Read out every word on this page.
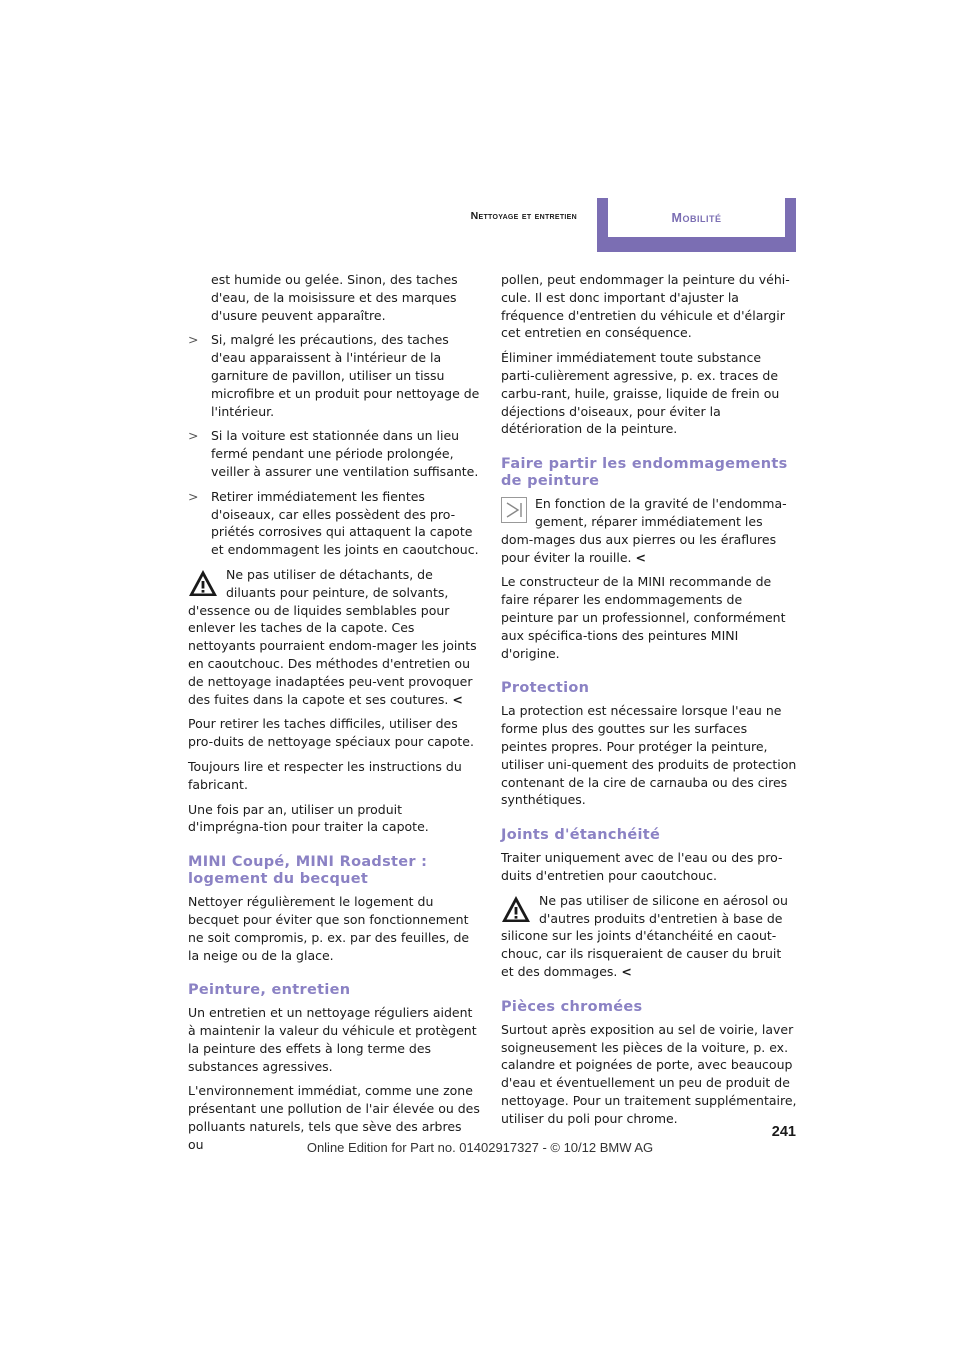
Nettoyage et entretien	Mobilité

est humide ou gelée. Sinon, des taches d'eau, de la moisissure et des marques d'usure peuvent apparaître.

> Si, malgré les précautions, des taches d'eau apparaissent à l'intérieur de la garniture de pavillon, utiliser un tissu microfibre et un produit pour nettoyage de l'intérieur.
> Si la voiture est stationnée dans un lieu fermé pendant une période prolongée, veiller à assurer une ventilation suffisante.
> Retirer immédiatement les fientes d'oiseaux, car elles possèdent des pro-priétés corrosives qui attaquent la capote et endommagent les joints en caoutchouc.
Ne pas utiliser de détachants, de diluants pour peinture, de solvants, d'essence ou de liquides semblables pour enlever les taches de la capote. Ces nettoyants pourraient endom-mager les joints en caoutchouc. Des méthodes d'entretien ou de nettoyage inadaptées peu-vent provoquer des fuites dans la capote et ses coutures. <

Pour retirer les taches difficiles, utiliser des pro-duits de nettoyage spéciaux pour capote.

Toujours lire et respecter les instructions du fabricant.

Une fois par an, utiliser un produit d'imprégna-tion pour traiter la capote.

MINI Coupé, MINI Roadster : logement du becquet

Nettoyer régulièrement le logement du becquet pour éviter que son fonctionnement ne soit compromis, p. ex. par des feuilles, de la neige ou de la glace.

Peinture, entretien

Un entretien et un nettoyage réguliers aident à maintenir la valeur du véhicule et protègent la peinture des effets à long terme des substances agressives.

L'environnement immédiat, comme une zone présentant une pollution de l'air élevée ou des polluants naturels, tels que sève des arbres ou

pollen, peut endommager la peinture du véhi-cule. Il est donc important d'ajuster la fréquence d'entretien du véhicule et d'élargir cet entretien en conséquence.

Éliminer immédiatement toute substance parti-culièrement agressive, p. ex. traces de carbu-rant, huile, graisse, liquide de frein ou déjections d'oiseaux, pour éviter la détérioration de la peinture.

Faire partir les endommagements de peinture
En fonction de la gravité de l'endomma-gement, réparer immédiatement les dom-mages dus aux pierres ou les éraflures pour éviter la rouille. <

Le constructeur de la MINI recommande de faire réparer les endommagements de peinture par un professionnel, conformément aux spécifica-tions des peintures MINI d'origine.

Protection

La protection est nécessaire lorsque l'eau ne forme plus des gouttes sur les surfaces peintes propres. Pour protéger la peinture, utiliser uni-quement des produits de protection contenant de la cire de carnauba ou des cires synthétiques.

Joints d'étanchéité

Traiter uniquement avec de l'eau ou des pro-duits d'entretien pour caoutchouc.

Ne pas utiliser de silicone en aérosol ou d'autres produits d'entretien à base de silicone sur les joints d'étanchéité en caout-chouc, car ils risqueraient de causer du bruit et des dommages. <
Pièces chromées

Surtout après exposition au sel de voirie, laver soigneusement les pièces de la voiture, p. ex. calandre et poignées de porte, avec beaucoup d'eau et éventuellement un peu de produit de nettoyage. Pour un traitement supplémentaire, utiliser du poli pour chrome.

241
Online Edition for Part no. 01402917327 - © 10/12 BMW AG
